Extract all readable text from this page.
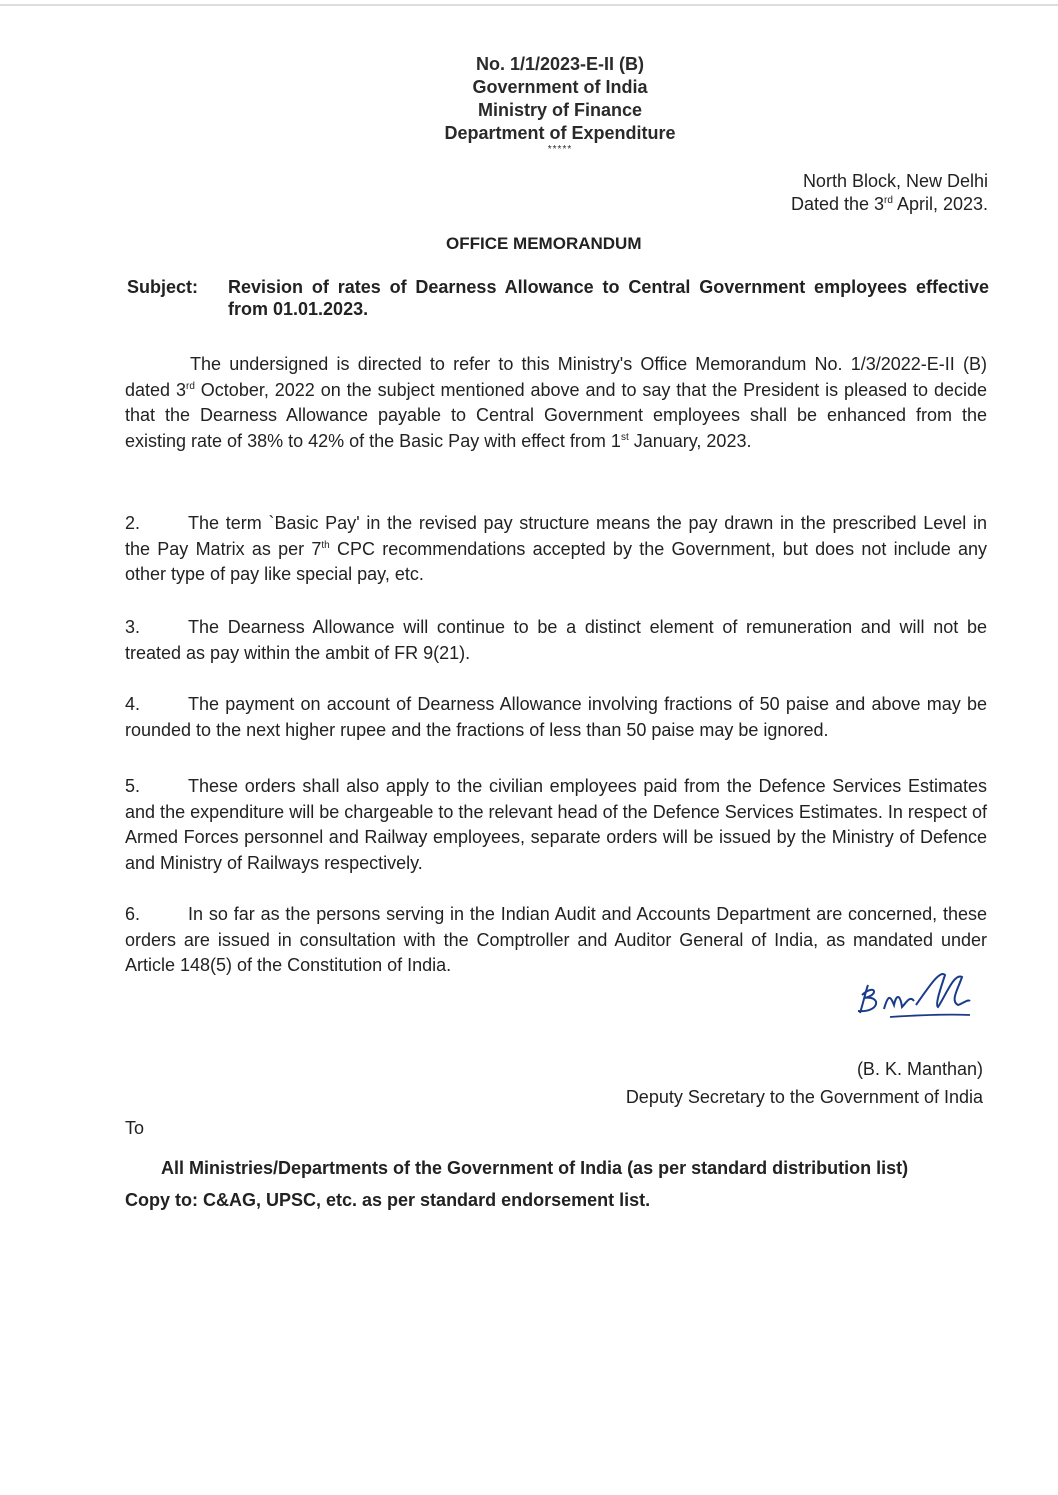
No. 1/1/2023-E-II (B)
Government of India
Ministry of Finance
Department of Expenditure
*****
North Block, New Delhi
Dated the 3rd April, 2023.
OFFICE MEMORANDUM
Subject: Revision of rates of Dearness Allowance to Central Government employees effective from 01.01.2023.
The undersigned is directed to refer to this Ministry's Office Memorandum No. 1/3/2022-E-II (B) dated 3rd October, 2022 on the subject mentioned above and to say that the President is pleased to decide that the Dearness Allowance payable to Central Government employees shall be enhanced from the existing rate of 38% to 42% of the Basic Pay with effect from 1st January, 2023.
2.	The term `Basic Pay' in the revised pay structure means the pay drawn in the prescribed Level in the Pay Matrix as per 7th CPC recommendations accepted by the Government, but does not include any other type of pay like special pay, etc.
3.	The Dearness Allowance will continue to be a distinct element of remuneration and will not be treated as pay within the ambit of FR 9(21).
4.	The payment on account of Dearness Allowance involving fractions of 50 paise and above may be rounded to the next higher rupee and the fractions of less than 50 paise may be ignored.
5.	These orders shall also apply to the civilian employees paid from the Defence Services Estimates and the expenditure will be chargeable to the relevant head of the Defence Services Estimates. In respect of Armed Forces personnel and Railway employees, separate orders will be issued by the Ministry of Defence and Ministry of Railways respectively.
6.	In so far as the persons serving in the Indian Audit and Accounts Department are concerned, these orders are issued in consultation with the Comptroller and Auditor General of India, as mandated under Article 148(5) of the Constitution of India.
(B. K. Manthan)
Deputy Secretary to the Government of India
To
All Ministries/Departments of the Government of India (as per standard distribution list)
Copy to: C&AG, UPSC, etc. as per standard endorsement list.
